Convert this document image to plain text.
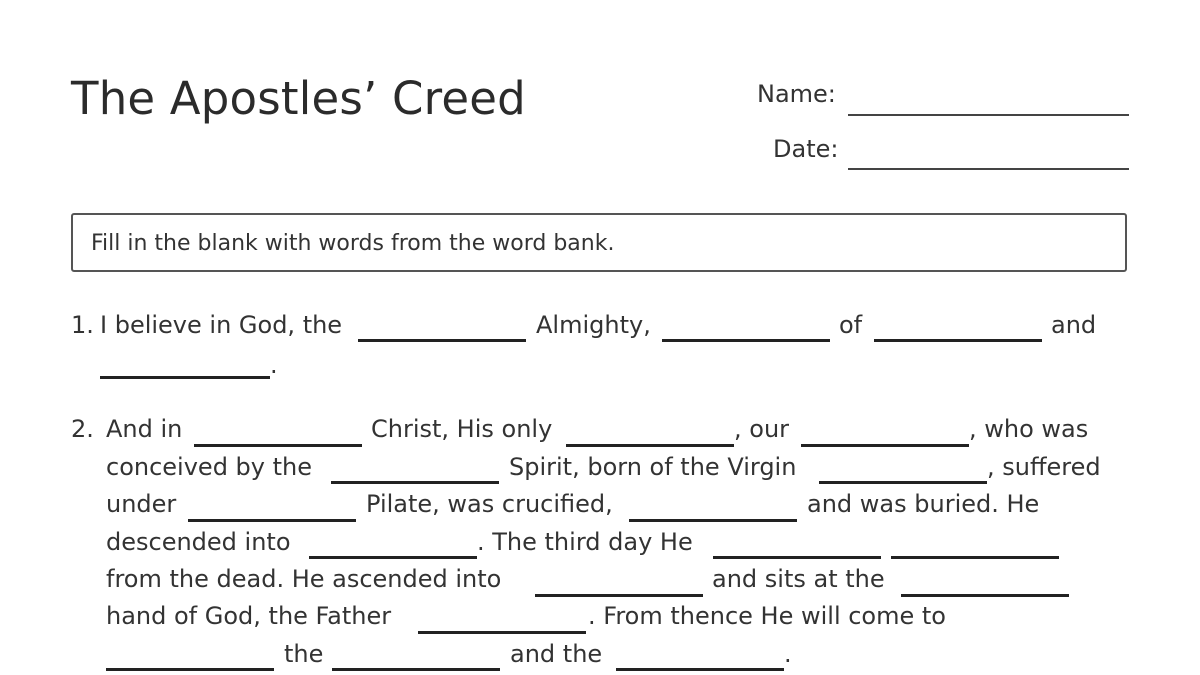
The Apostles’ Creed	Name:
Date:
Fill in the blank with words from the word bank.
1. I believe in God, the	Almighty,	of	and
.
2. And in	Christ, His only	, our	, who was
conceived by the	Spirit, born of the Virgin	, suffered
under	Pilate, was crucified,	and was buried. He
descended into	. The third day He
from the dead. He ascended into	and sits at the
hand of God, the Father	. From thence He will come to
the	and the	.
